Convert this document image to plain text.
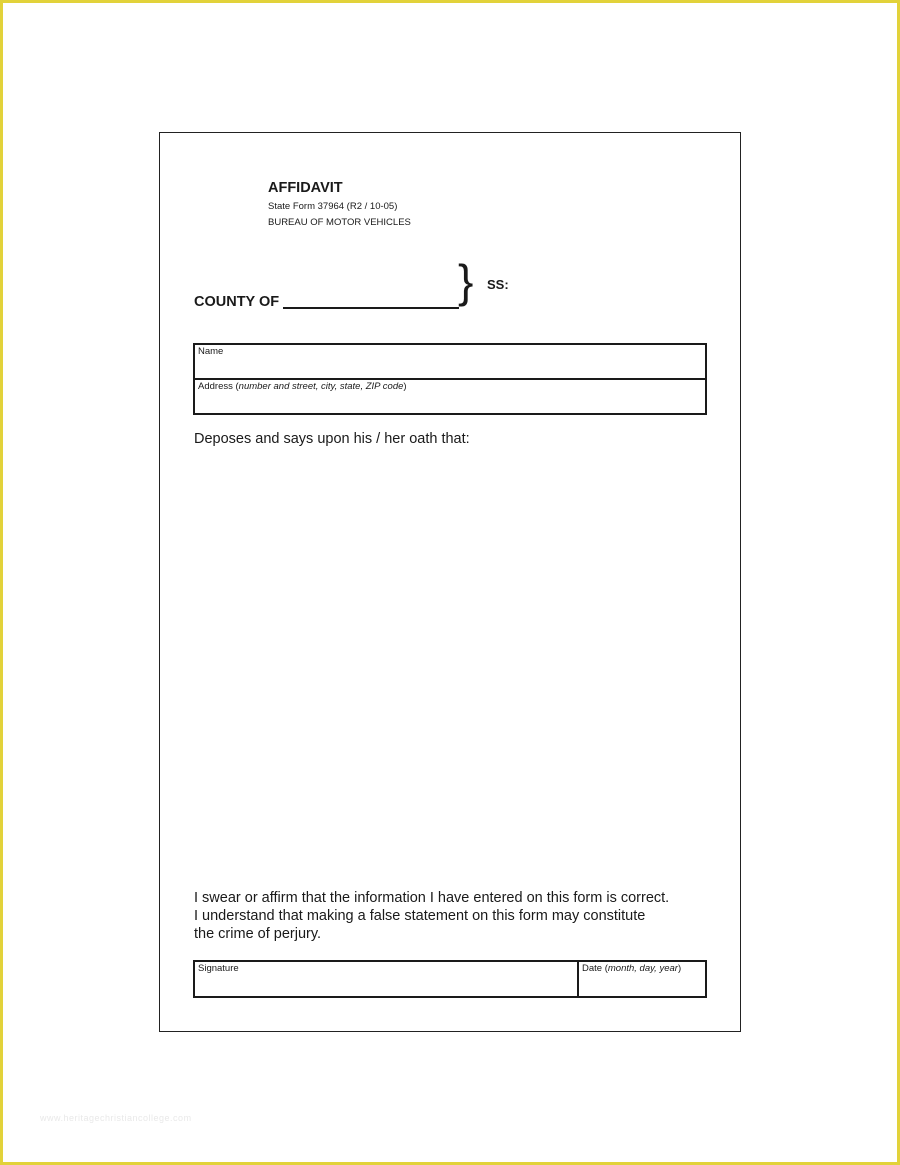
AFFIDAVIT
State Form 37964 (R2 / 10-05)
BUREAU OF MOTOR VEHICLES
COUNTY OF	} SS:
Name
Address (number and street, city, state, ZIP code)
Deposes and says upon his / her oath that:
I swear or affirm that the information I have entered on this form is correct.
I understand that making a false statement on this form may constitute
the crime of perjury.
Signature	Date (month, day, year)
www.heritagechristiancollege.com
